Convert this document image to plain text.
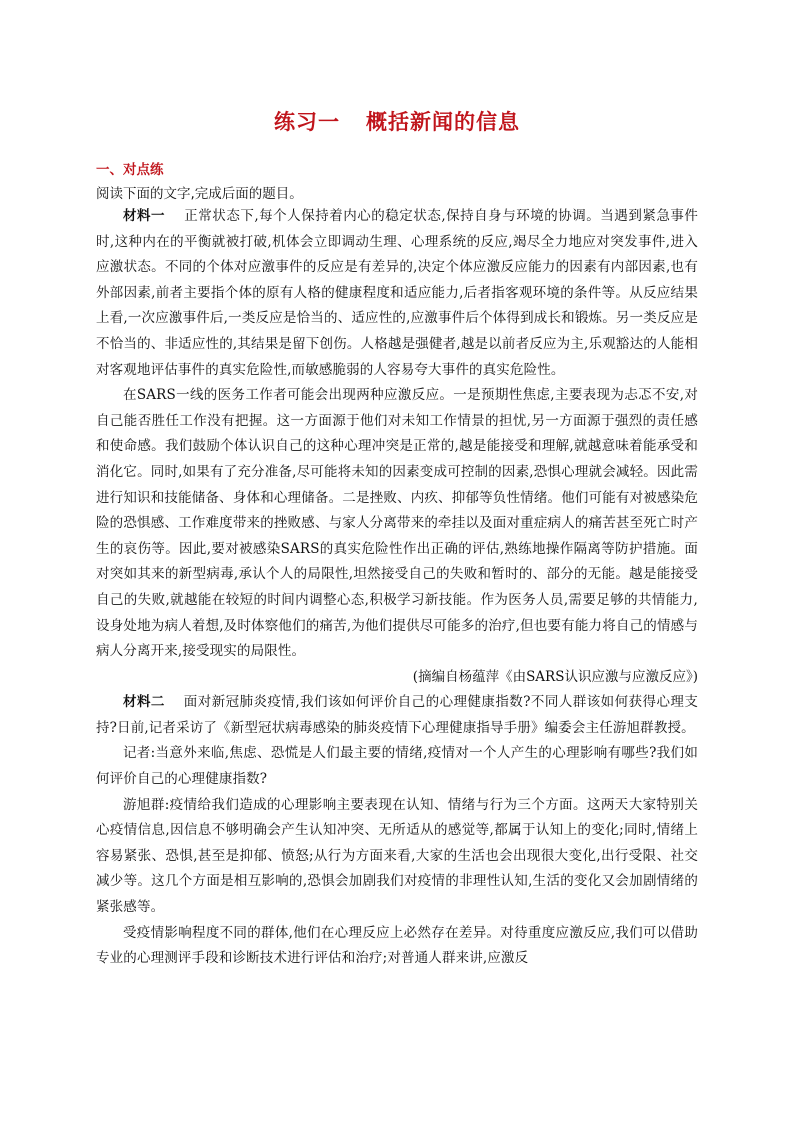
练习一 概括新闻的信息
一、对点练
阅读下面的文字,完成后面的题目。

材料一 正常状态下,每个人保持着内心的稳定状态,保持自身与环境的协调。当遇到紧急事件时,这种内在的平衡就被打破,机体会立即调动生理、心理系统的反应,竭尽全力地应对突发事件,进入应激状态。不同的个体对应激事件的反应是有差异的,决定个体应激反应能力的因素有内部因素,也有外部因素,前者主要指个体的原有人格的健康程度和适应能力,后者指客观环境的条件等。从反应结果上看,一次应激事件后,一类反应是恰当的、适应性的,应激事件后个体得到成长和锻炼。另一类反应是不恰当的、非适应性的,其结果是留下创伤。人格越是强健者,越是以前者反应为主,乐观豁达的人能相对客观地评估事件的真实危险性,而敏感脆弱的人容易夸大事件的真实危险性。

在SARS一线的医务工作者可能会出现两种应激反应。一是预期性焦虑,主要表现为忐忑不安,对自己能否胜任工作没有把握。这一方面源于他们对未知工作情景的担忧,另一方面源于强烈的责任感和使命感。我们鼓励个体认识自己的这种心理冲突是正常的,越是能接受和理解,就越意味着能承受和消化它。同时,如果有了充分准备,尽可能将未知的因素变成可控制的因素,恐惧心理就会减轻。因此需进行知识和技能储备、身体和心理储备。二是挫败、内疚、抑郁等负性情绪。他们可能有对被感染危险的恐惧感、工作难度带来的挫败感、与家人分离带来的牵挂以及面对重症病人的痛苦甚至死亡时产生的哀伤等。因此,要对被感染SARS的真实危险性作出正确的评估,熟练地操作隔离等防护措施。面对突如其来的新型病毒,承认个人的局限性,坦然接受自己的失败和暂时的、部分的无能。越是能接受自己的失败,就越能在较短的时间内调整心态,积极学习新技能。作为医务人员,需要足够的共情能力,设身处地为病人着想,及时体察他们的痛苦,为他们提供尽可能多的治疗,但也要有能力将自己的情感与病人分离开来,接受现实的局限性。

(摘编自杨蕴萍《由SARS认识应激与应激反应》)

材料二 面对新冠肺炎疫情,我们该如何评价自己的心理健康指数?不同人群该如何获得心理支持?日前,记者采访了《新型冠状病毒感染的肺炎疫情下心理健康指导手册》编委会主任游旭群教授。

记者:当意外来临,焦虑、恐慌是人们最主要的情绪,疫情对一个人产生的心理影响有哪些?我们如何评价自己的心理健康指数?

游旭群:疫情给我们造成的心理影响主要表现在认知、情绪与行为三个方面。这两天大家特别关心疫情信息,因信息不够明确会产生认知冲突、无所适从的感觉等,都属于认知上的变化;同时,情绪上容易紧张、恐惧,甚至是抑郁、愤怒;从行为方面来看,大家的生活也会出现很大变化,出行受限、社交减少等。这几个方面是相互影响的,恐惧会加剧我们对疫情的非理性认知,生活的变化又会加剧情绪的紧张感等。

受疫情影响程度不同的群体,他们在心理反应上必然存在差异。对待重度应激反应,我们可以借助专业的心理测评手段和诊断技术进行评估和治疗;对普通人群来讲,应激反
